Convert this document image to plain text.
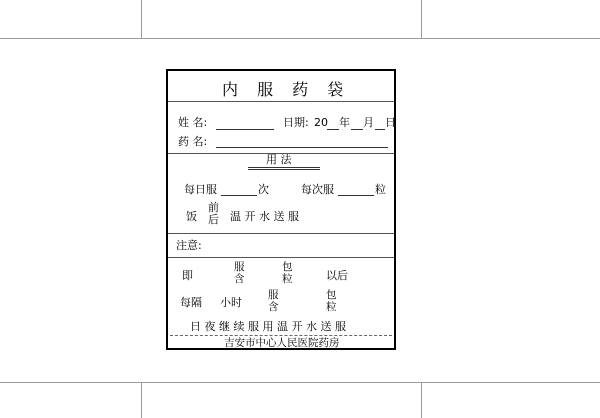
内 服 药 袋
姓 名:	日期: 20 年 月 日
药 名:
用 法
每日服	次	每次服	粒
饭
前
后 温 开 水 送 服
注意:
即
服
含
包
粒	以后
每隔 小时
服
含
包
粒
日 夜 继 续 服 用 温 开 水 送 服
吉安市中心人民医院药房
